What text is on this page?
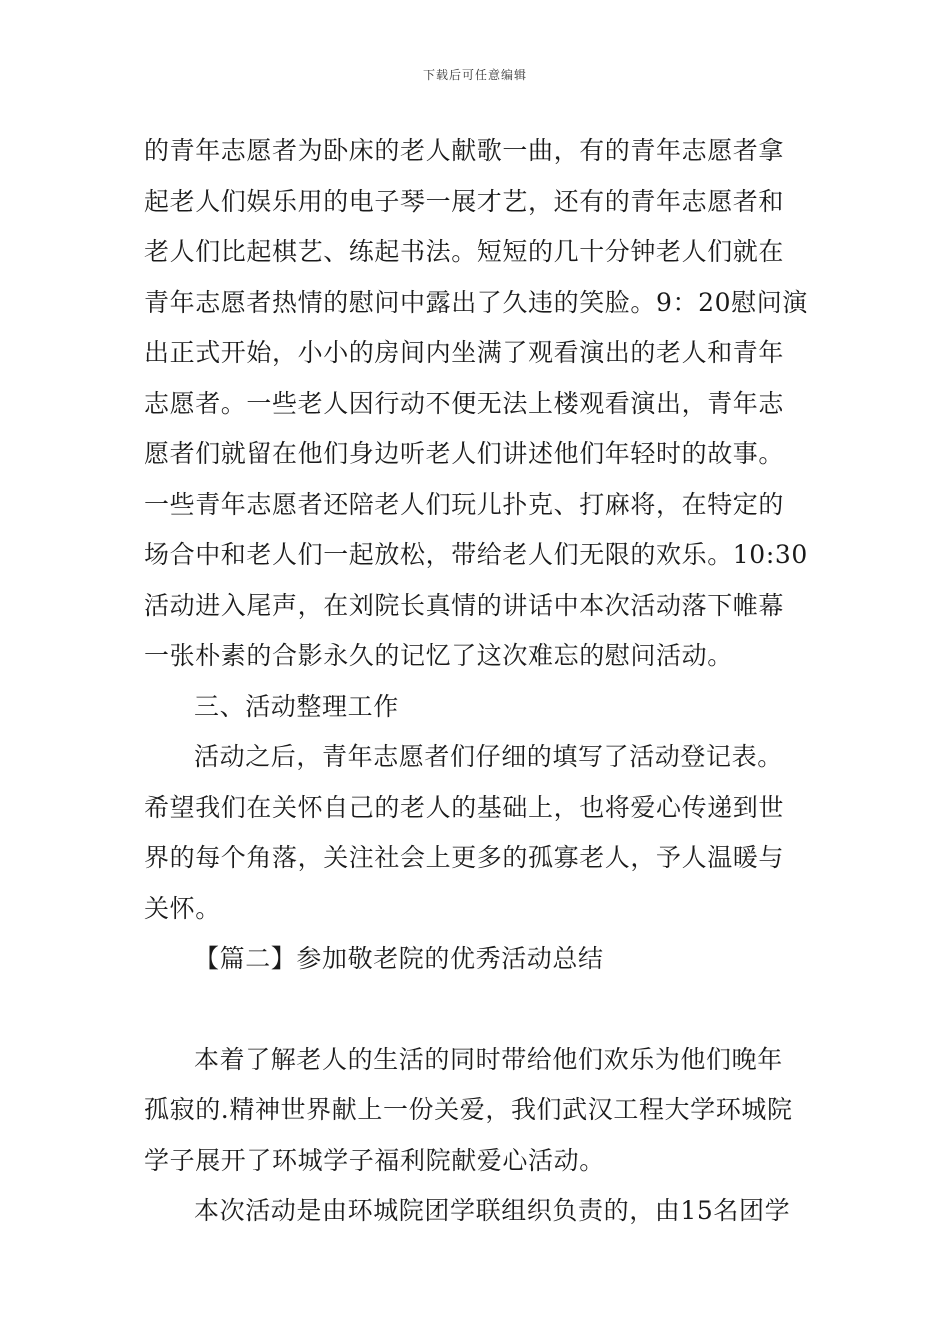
下载后可任意编辑
的青年志愿者为卧床的老人献歌一曲，有的青年志愿者拿
起老人们娱乐用的电子琴一展才艺，还有的青年志愿者和
老人们比起棋艺、练起书法。短短的几十分钟老人们就在
青年志愿者热情的慰问中露出了久违的笑脸。9：20慰问演
出正式开始，小小的房间内坐满了观看演出的老人和青年
志愿者。一些老人因行动不便无法上楼观看演出，青年志
愿者们就留在他们身边听老人们讲述他们年轻时的故事。
一些青年志愿者还陪老人们玩儿扑克、打麻将，在特定的
场合中和老人们一起放松，带给老人们无限的欢乐。10:30
活动进入尾声，在刘院长真情的讲话中本次活动落下帷幕
一张朴素的合影永久的记忆了这次难忘的慰问活动。
三、活动整理工作
活动之后，青年志愿者们仔细的填写了活动登记表。
希望我们在关怀自己的老人的基础上，也将爱心传递到世
界的每个角落，关注社会上更多的孤寡老人，予人温暖与
关怀。
【篇二】参加敬老院的优秀活动总结
本着了解老人的生活的同时带给他们欢乐为他们晚年
孤寂的.精神世界献上一份关爱，我们武汉工程大学环城院
学子展开了环城学子福利院献爱心活动。
本次活动是由环城院团学联组织负责的，由15名团学
